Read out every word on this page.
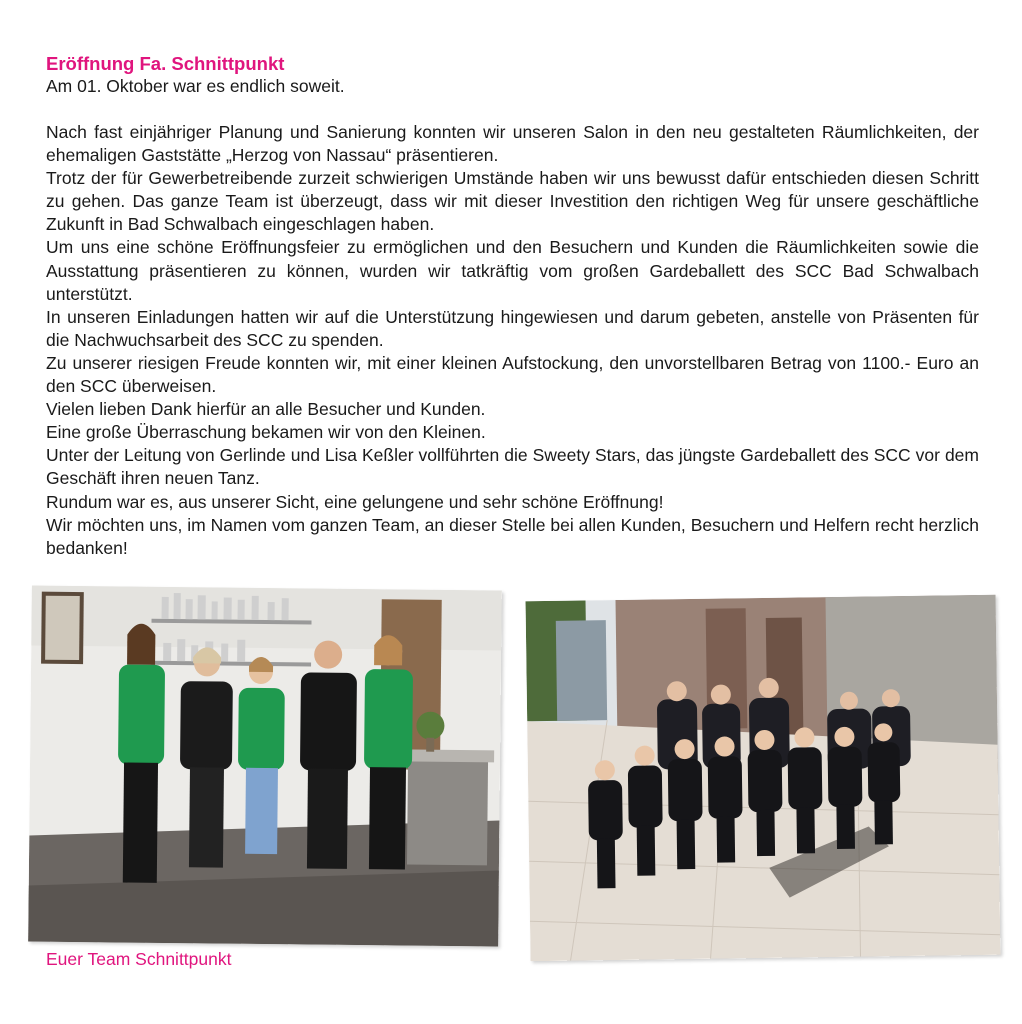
Eröffnung Fa. Schnittpunkt

Am 01. Oktober war es endlich soweit.

Nach fast einjähriger Planung und Sanierung konnten wir unseren Salon in den neu gestalteten Räumlichkeiten, der ehemaligen Gaststätte „Herzog von Nassau“ präsentieren.

Trotz der für Gewerbetreibende zurzeit schwierigen Umstände haben wir uns bewusst dafür entschieden diesen Schritt zu gehen. Das ganze Team ist überzeugt, dass wir mit dieser Investition den richtigen Weg für unsere geschäftliche Zukunft in Bad Schwalbach eingeschlagen haben.

Um uns eine schöne Eröffnungsfeier zu ermöglichen und den Besuchern und Kunden die Räumlichkeiten sowie die Ausstattung präsentieren zu können, wurden wir tatkräftig vom großen Gardeballett des SCC Bad Schwalbach unterstützt.

In unseren Einladungen hatten wir auf die Unterstützung hingewiesen und darum gebeten, anstelle von Präsenten für die Nachwuchsarbeit des SCC zu spenden.

Zu unserer riesigen Freude konnten wir, mit einer kleinen Aufstockung, den unvorstellbaren Betrag von 1100.- Euro an den SCC überweisen.

Vielen lieben Dank hierfür an alle Besucher und Kunden.

Eine große Überraschung bekamen wir von den Kleinen.

Unter der Leitung von Gerlinde und Lisa Keßler vollführten die Sweety Stars, das jüngste Gardeballett des SCC vor dem Geschäft ihren neuen Tanz.

Rundum war es, aus unserer Sicht, eine gelungene und sehr schöne Eröffnung!

Wir möchten uns, im Namen vom ganzen Team, an dieser Stelle bei allen Kunden, Besuchern und Helfern recht herzlich bedanken!

Euer Team Schnittpunkt
